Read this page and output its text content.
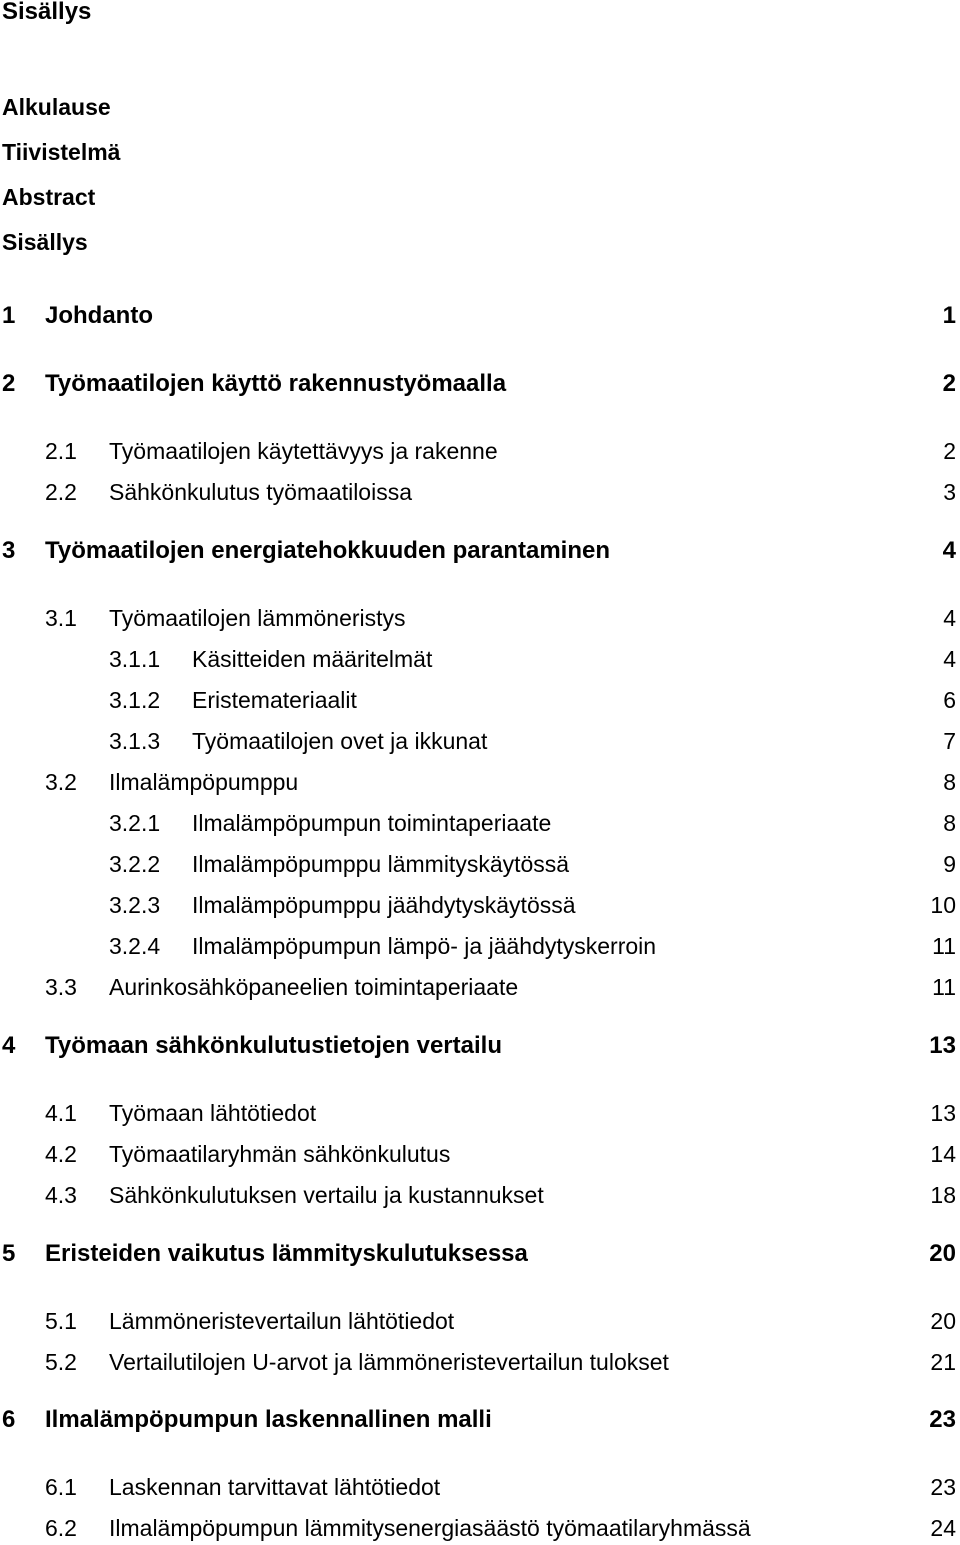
Sisällys
Alkulause
Tiivistelmä
Abstract
Sisällys
1 Johdanto	1
2 Työmaatilojen käyttö rakennustyömaalla	2
2.1 Työmaatilojen käytettävyys ja rakenne	2
2.2 Sähkönkulutus työmaatiloissa	3
3 Työmaatilojen energiatehokkuuden parantaminen	4
3.1 Työmaatilojen lämmöneristys	4
3.1.1 Käsitteiden määritelmät	4
3.1.2 Eristemateriaalit	6
3.1.3 Työmaatilojen ovet ja ikkunat	7
3.2 Ilmalämpöpumppu	8
3.2.1 Ilmalämpöpumpun toimintaperiaate	8
3.2.2 Ilmalämpöpumppu lämmityskäytössä	9
3.2.3 Ilmalämpöpumppu jäähdytyskäytössä	10
3.2.4 Ilmalämpöpumpun lämpö- ja jäähdytyskerroin	11
3.3 Aurinkosähköpaneelien toimintaperiaate	11
4 Työmaan sähkönkulutustietojen vertailu	13
4.1 Työmaan lähtötiedot	13
4.2 Työmaatilaryhmän sähkönkulutus	14
4.3 Sähkönkulutuksen vertailu ja kustannukset	18
5 Eristeiden vaikutus lämmityskulutuksessa	20
5.1 Lämmöneristevertailun lähtötiedot	20
5.2 Vertailutilojen U-arvot ja lämmöneristevertailun tulokset	21
6 Ilmalämpöpumpun laskennallinen malli	23
6.1 Laskennan tarvittavat lähtötiedot	23
6.2 Ilmalämpöpumpun lämmitysenergiasäästö työmaatilaryhmässä	24
